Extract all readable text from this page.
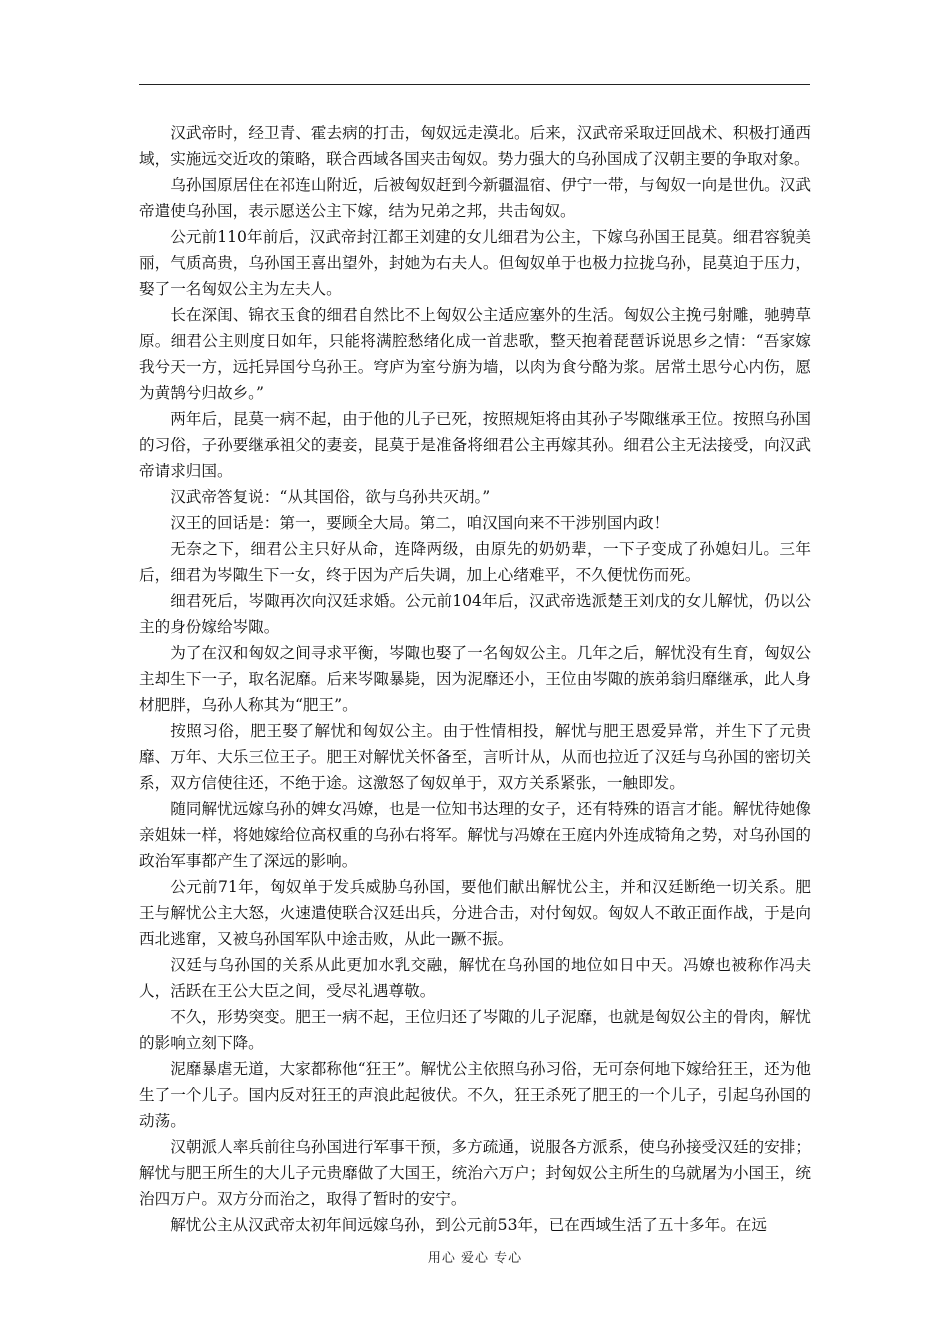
汉武帝时，经卫青、霍去病的打击，匈奴远走漠北。后来，汉武帝采取迂回战术、积极打通西域，实施远交近攻的策略，联合西域各国夹击匈奴。势力强大的乌孙国成了汉朝主要的争取对象。

乌孙国原居住在祁连山附近，后被匈奴赶到今新疆温宿、伊宁一带，与匈奴一向是世仇。汉武帝遣使乌孙国，表示愿送公主下嫁，结为兄弟之邦，共击匈奴。

公元前110年前后，汉武帝封江都王刘建的女儿细君为公主，下嫁乌孙国王昆莫。细君容貌美丽，气质高贵，乌孙国王喜出望外，封她为右夫人。但匈奴单于也极力拉拢乌孙，昆莫迫于压力，娶了一名匈奴公主为左夫人。

长在深闺、锦衣玉食的细君自然比不上匈奴公主适应塞外的生活。匈奴公主挽弓射雕，驰骋草原。细君公主则度日如年，只能将满腔愁绪化成一首悲歌，整天抱着琵琶诉说思乡之情：“吾家嫁我兮天一方，远托异国兮乌孙王。穹庐为室兮旃为墙，以肉为食兮酪为浆。居常土思兮心内伤，愿为黄鹄兮归故乡。”

两年后，昆莫一病不起，由于他的儿子已死，按照规矩将由其孙子岑陬继承王位。按照乌孙国的习俗，子孙要继承祖父的妻妾，昆莫于是准备将细君公主再嫁其孙。细君公主无法接受，向汉武帝请求归国。

汉武帝答复说：“从其国俗，欲与乌孙共灭胡。”

汉王的回话是：第一，要顾全大局。第二，咱汉国向来不干涉别国内政！

无奈之下，细君公主只好从命，连降两级，由原先的奶奶辈，一下子变成了孙媳妇儿。三年后，细君为岑陬生下一女，终于因为产后失调，加上心绪难平，不久便忧伤而死。

细君死后，岑陬再次向汉廷求婚。公元前104年后，汉武帝选派楚王刘戊的女儿解忧，仍以公主的身份嫁给岑陬。

为了在汉和匈奴之间寻求平衡，岑陬也娶了一名匈奴公主。几年之后，解忧没有生育，匈奴公主却生下一子，取名泥靡。后来岑陬暴毙，因为泥靡还小，王位由岑陬的族弟翁归靡继承，此人身材肥胖，乌孙人称其为“肥王”。

按照习俗，肥王娶了解忧和匈奴公主。由于性情相投，解忧与肥王恩爱异常，并生下了元贵靡、万年、大乐三位王子。肥王对解忧关怀备至，言听计从，从而也拉近了汉廷与乌孙国的密切关系，双方信使往还，不绝于途。这激怒了匈奴单于，双方关系紧张，一触即发。

随同解忧远嫁乌孙的婢女冯嫽，也是一位知书达理的女子，还有特殊的语言才能。解忧待她像亲姐妹一样，将她嫁给位高权重的乌孙右将军。解忧与冯嫽在王庭内外连成犄角之势，对乌孙国的政治军事都产生了深远的影响。

公元前71年，匈奴单于发兵威胁乌孙国，要他们献出解忧公主，并和汉廷断绝一切关系。肥王与解忧公主大怒，火速遣使联合汉廷出兵，分进合击，对付匈奴。匈奴人不敢正面作战，于是向西北逃窜，又被乌孙国军队中途击败，从此一蹶不振。

汉廷与乌孙国的关系从此更加水乳交融，解忧在乌孙国的地位如日中天。冯嫽也被称作冯夫人，活跃在王公大臣之间，受尽礼遇尊敬。

不久，形势突变。肥王一病不起，王位归还了岑陬的儿子泥靡，也就是匈奴公主的骨肉，解忧的影响立刻下降。

泥靡暴虐无道，大家都称他“狂王”。解忧公主依照乌孙习俗，无可奈何地下嫁给狂王，还为他生了一个儿子。国内反对狂王的声浪此起彼伏。不久，狂王杀死了肥王的一个儿子，引起乌孙国的动荡。

汉朝派人率兵前往乌孙国进行军事干预，多方疏通，说服各方派系，使乌孙接受汉廷的安排；解忧与肥王所生的大儿子元贵靡做了大国王，统治六万户；封匈奴公主所生的乌就屠为小国王，统治四万户。双方分而治之，取得了暂时的安宁。

解忧公主从汉武帝太初年间远嫁乌孙，到公元前53年，已在西域生活了五十多年。在远

用心 爱心 专心
